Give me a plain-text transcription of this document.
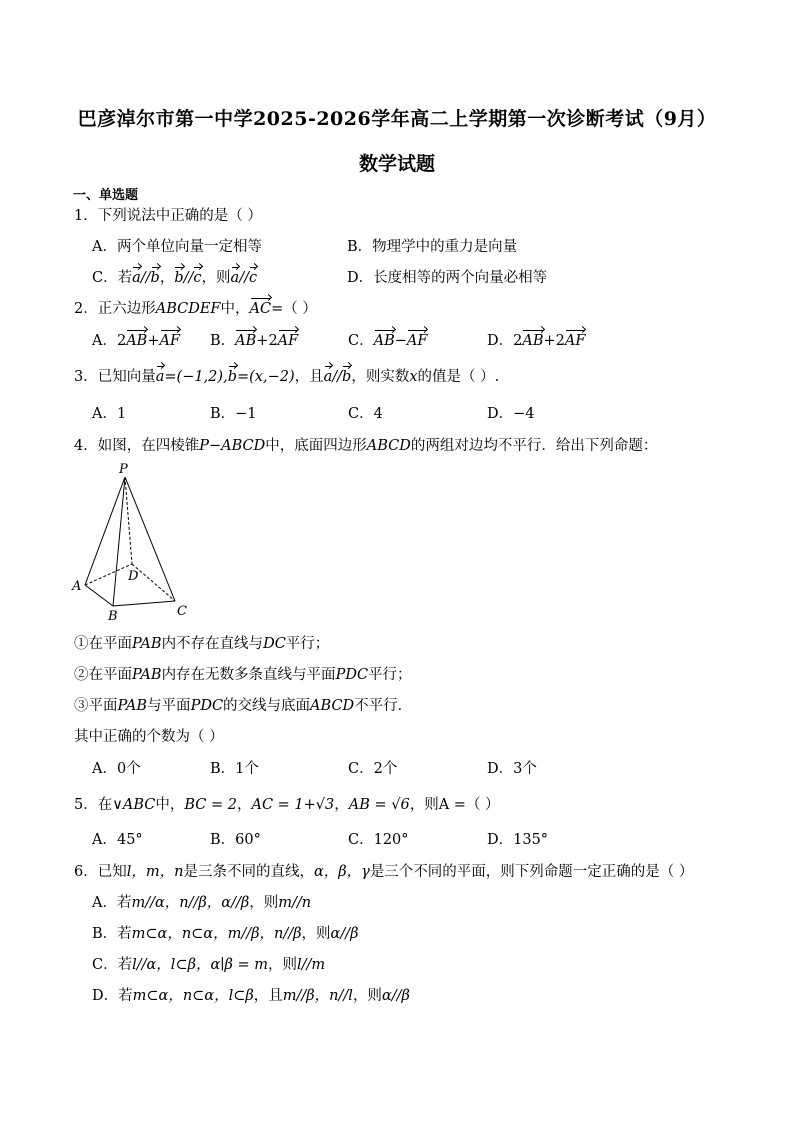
巴彦淖尔市第一中学2025-2026学年高二上学期第一次诊断考试（9月）
数学试题
一、单选题
1．下列说法中正确的是（ ）
A．两个单位向量一定相等	B．物理学中的重力是向量
C．若a//b，b//c，则a//c	D．长度相等的两个向量必相等
2．正六边形ABCDEF中，AC=（ ）
A．2AB+AF B．AB+2AF	C．AB−AF	D．2AB+2AF
3．已知向量a=(−1,2),b=(x,−2)，且a//b，则实数x的值是（ ）.
A．1	B．−1	C．4	D．−4
4．如图，在四棱锥P−ABCD中，底面四边形ABCD的两组对边均不平行．给出下列命题：
P
A
B	C
D
①在平面PAB内不存在直线与DC平行；
②在平面PAB内存在无数多条直线与平面PDC平行；
③平面PAB与平面PDC的交线与底面ABCD不平行．
其中正确的个数为（ ）
A．0个	B．1个	C．2个	D．3个
5．在∨ABC中，BC = 2，AC = 1+√3，AB = √6，则A =（ ）
A．45°	B．60°	C．120°	D．135°
6．已知l，m，n是三条不同的直线，α，β，γ是三个不同的平面，则下列命题一定正确的是（ ）
A．若m//α，n//β，α//β，则m//n
B．若m⊂α，n⊂α，m//β，n//β，则α//β
C．若l//α，l⊂β，α∣β = m，则l//m
D．若m⊂α，n⊂α，l⊂β，且m//β，n//l，则α//β
